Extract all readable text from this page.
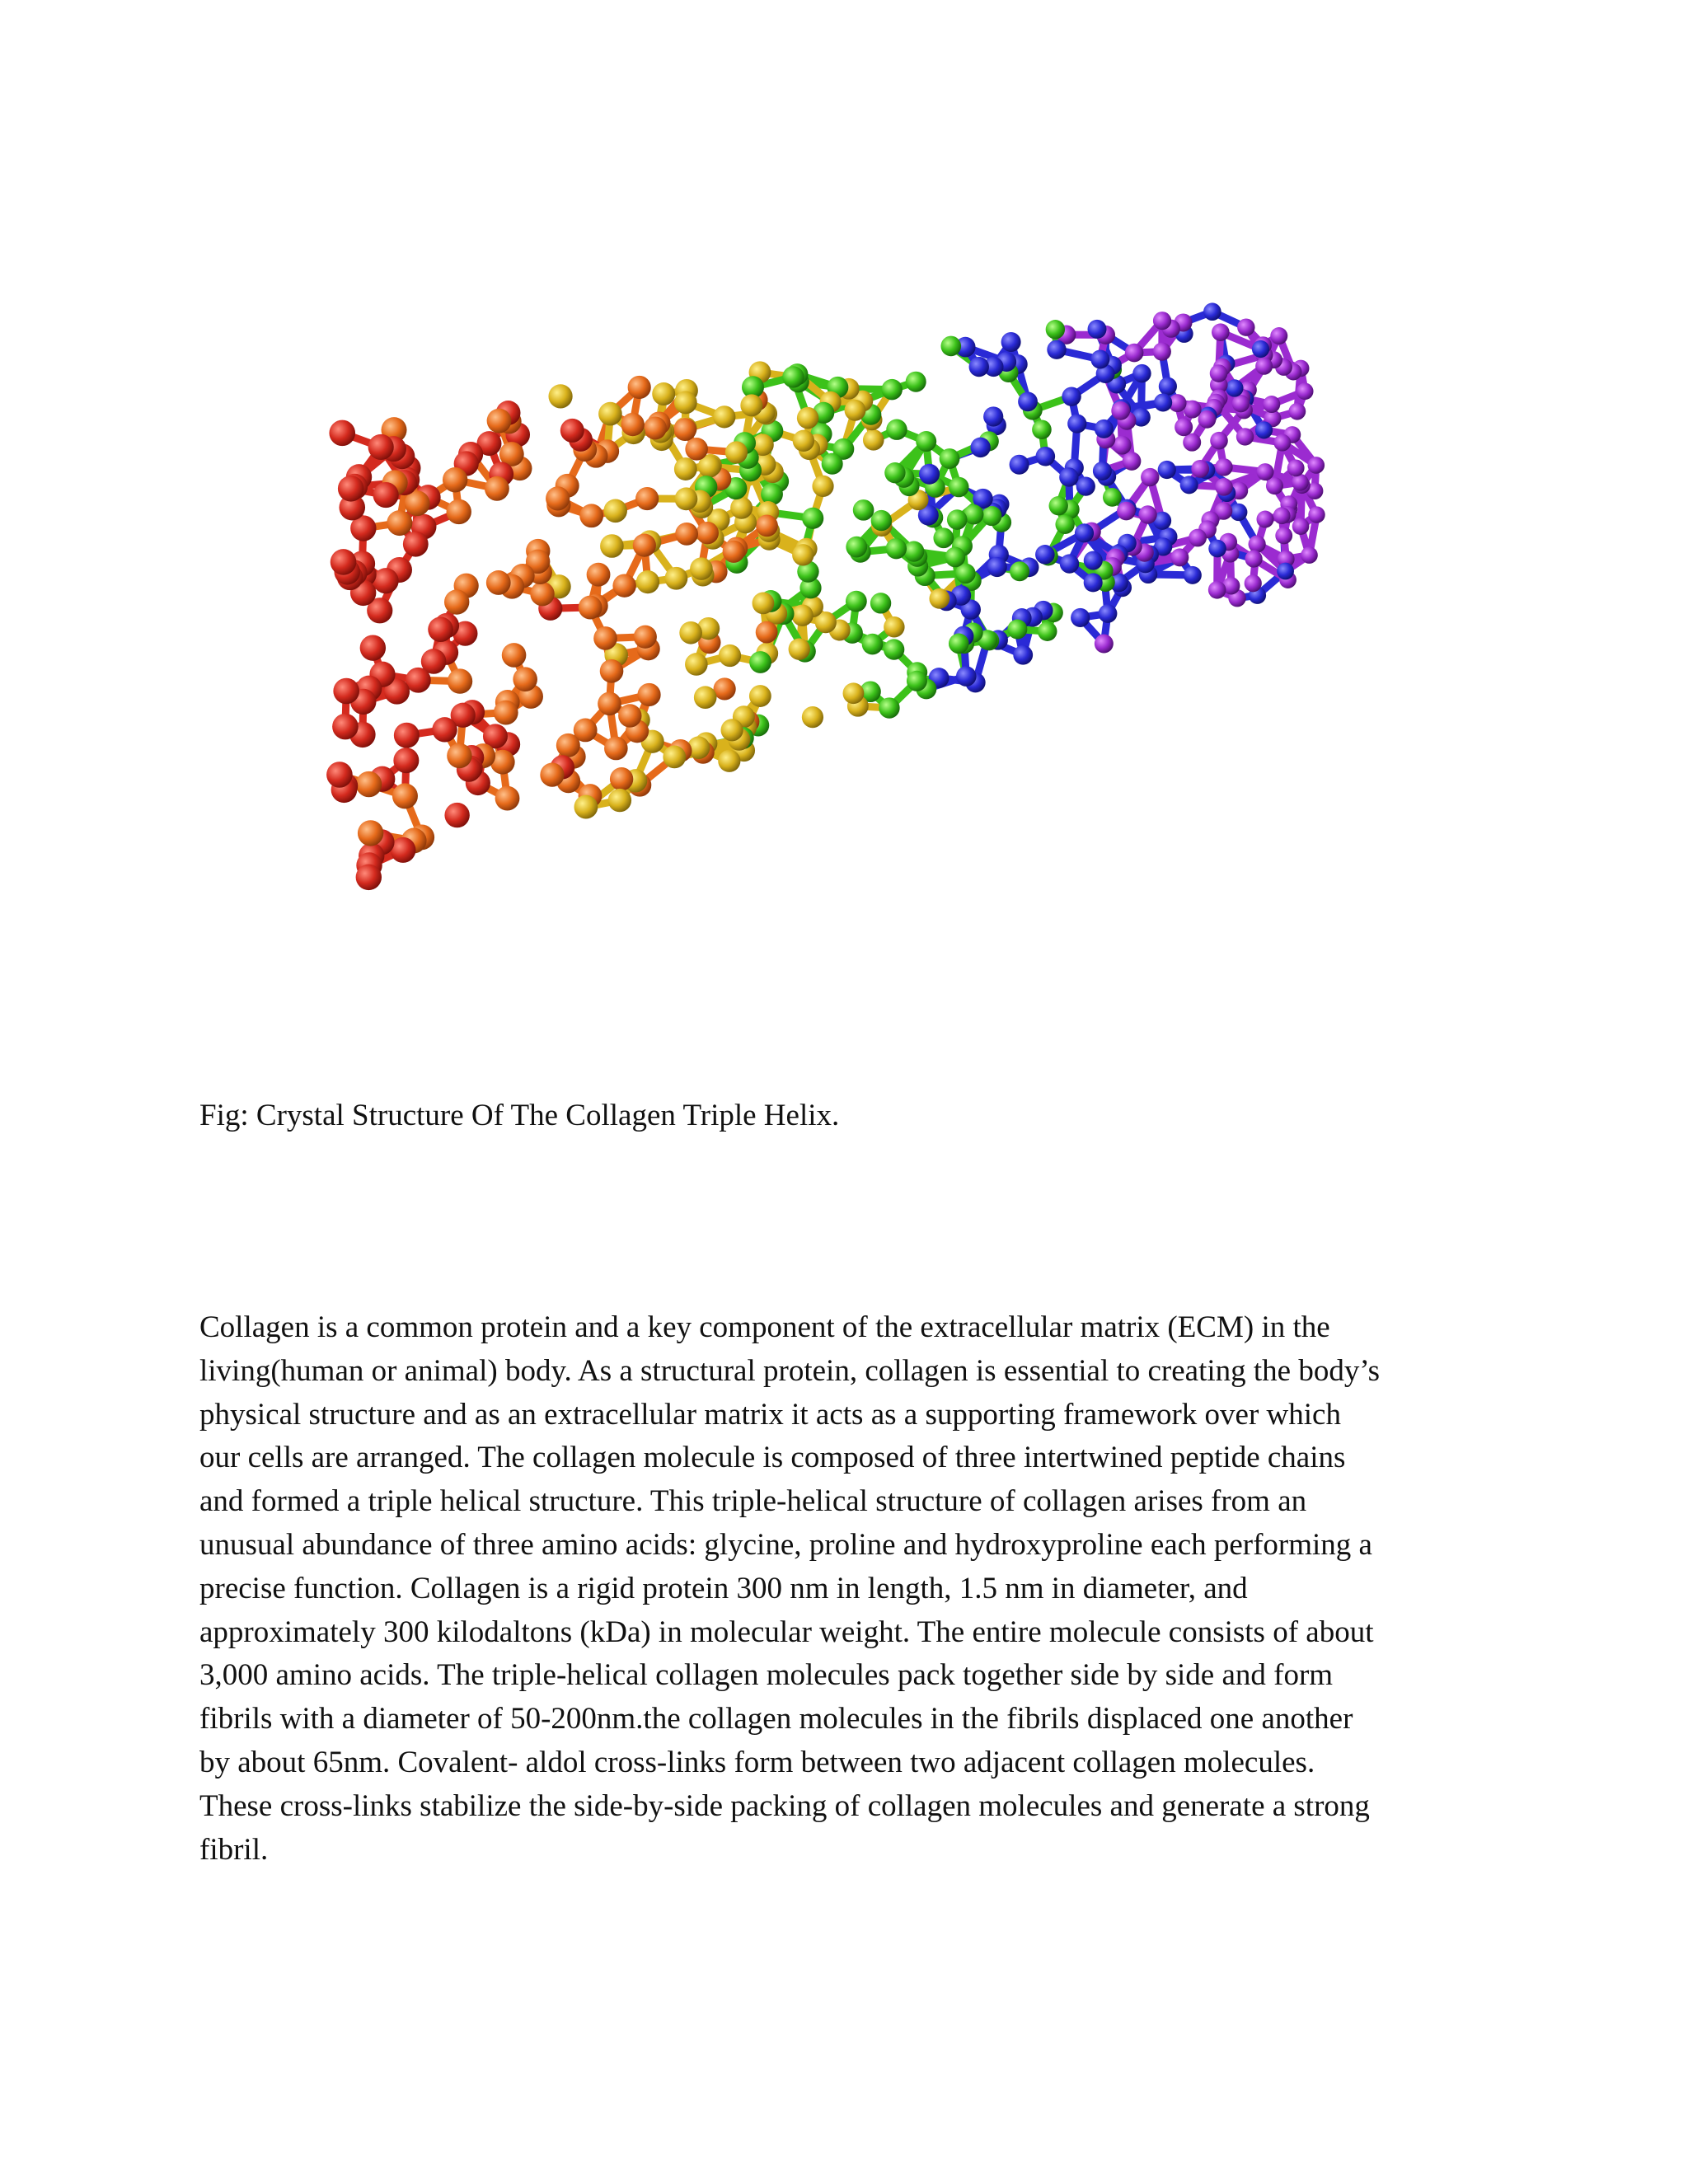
Fig: Crystal Structure Of The Collagen Triple Helix.
Collagen is a common protein and a key component of the extracellular matrix (ECM) in the
living(human or animal) body. As a structural protein, collagen is essential to creating the body’s
physical structure and as an extracellular matrix it acts as a supporting framework over which
our cells are arranged. The collagen molecule is composed of three intertwined peptide chains
and formed a triple helical structure. This triple-helical structure of collagen arises from an
unusual abundance of three amino acids: glycine, proline and hydroxyproline each performing a
precise function. Collagen is a rigid protein 300 nm in length, 1.5 nm in diameter, and
approximately 300 kilodaltons (kDa) in molecular weight. The entire molecule consists of about
3,000 amino acids. The triple-helical collagen molecules pack together side by side and form
fibrils with a diameter of 50-200nm.the collagen molecules in the fibrils displaced one another
by about 65nm. Covalent- aldol cross-links form between two adjacent collagen molecules.
These cross-links stabilize the side-by-side packing of collagen molecules and generate a strong
fibril.
